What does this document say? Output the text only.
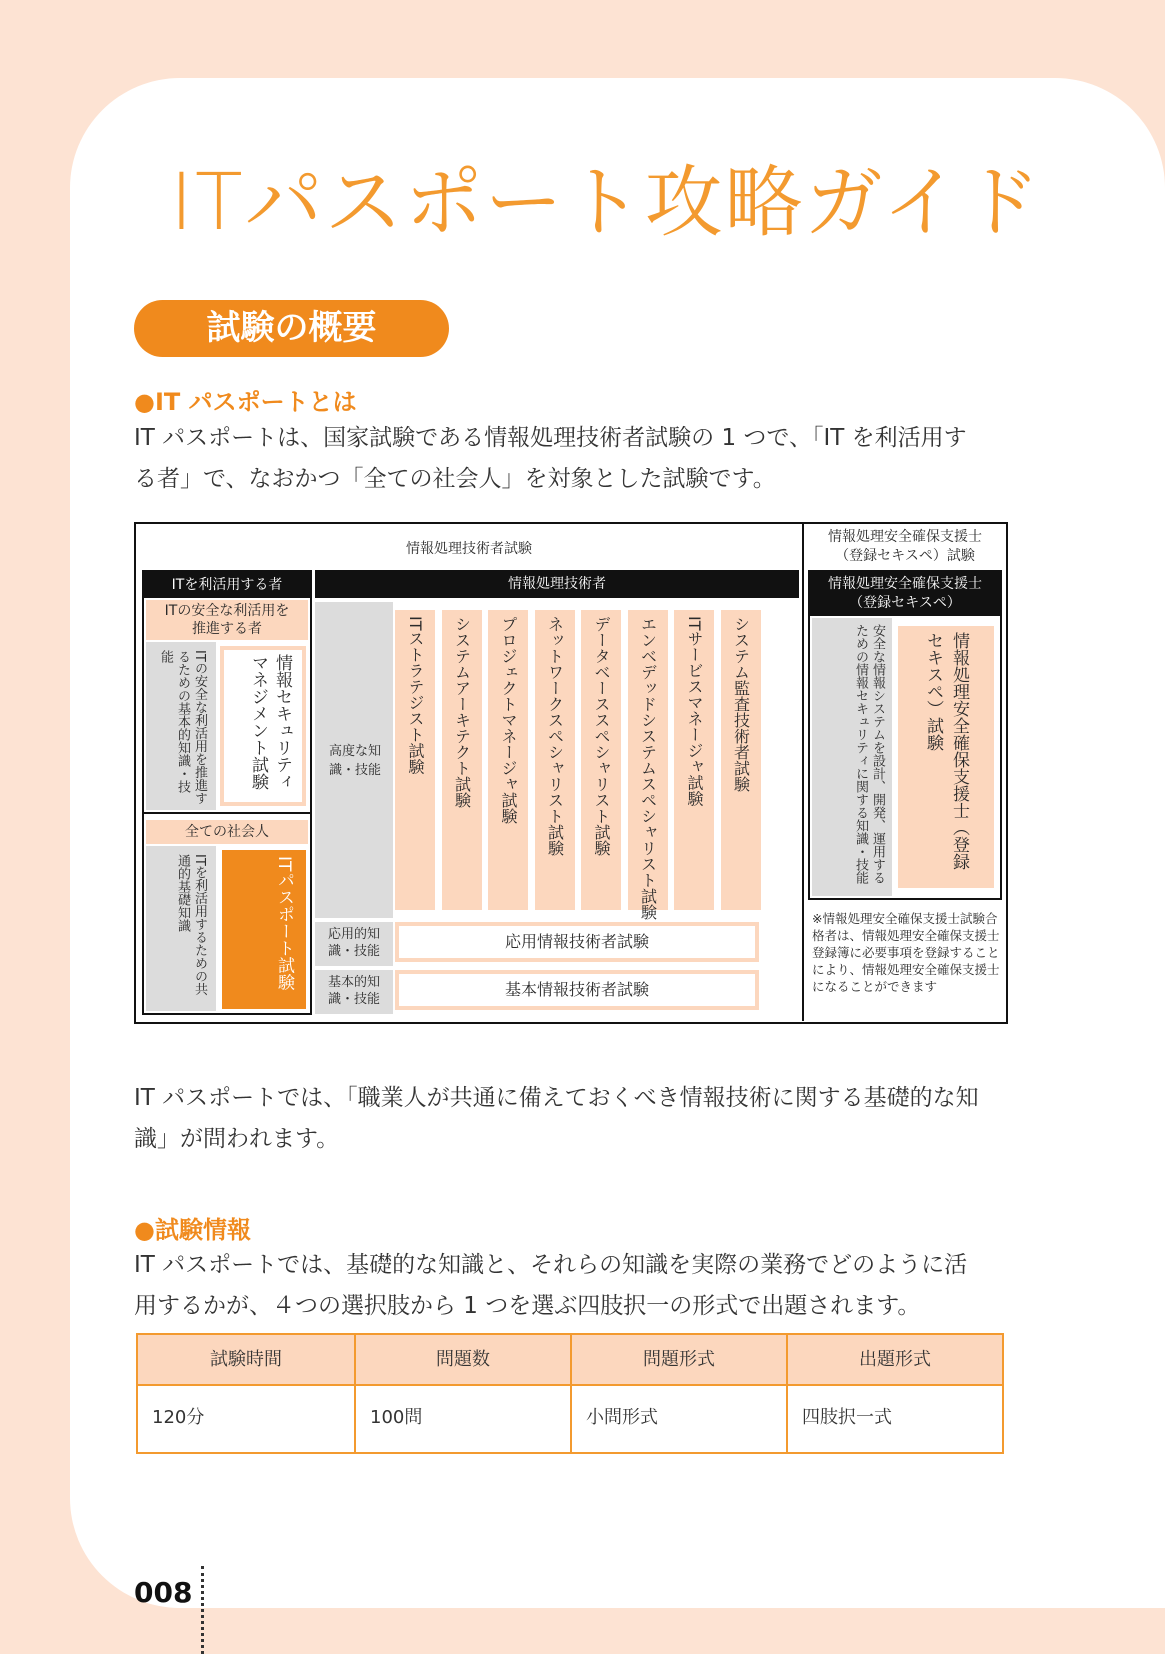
ITパスポート攻略ガイド
試験の概要
●IT パスポートとは
IT パスポートは、国家試験である情報処理技術者試験の 1 つで、「IT を利活用す
る者」で、なおかつ「全ての社会人」を対象とした試験です。
情報処理技術者試験
情報処理安全確保支援士
（登録セキスペ）試験
ITを利活用する者
ITの安全な利活用を
推進する者
ITの安全な利活用を推進するための基本的知識・技能	情報セキュリティマネジメント試験
全ての社会人
ITを利活用するための共通的基礎知識	ITパスポート試験
情報処理技術者
高度な知識・技能 ITストラテジスト試験 システムアーキテクト試験 プロジェクトマネージャ試験 ネットワークスペシャリスト試験 データベーススペシャリスト試験 エンベデッドシステムスペシャリスト試験 ITサービスマネージャ試験 システム監査技術者試験
応用的知識・技能
応用情報技術者試験
基本的知識・技能
基本情報技術者試験
情報処理安全確保支援士
（登録セキスペ）
安全な情報システムを設計、開発、運用するための情報セキュリティに関する知識・技能	情報処理安全確保支援士（登録セキスペ）試験
※情報処理安全確保支援士試験合格者は、情報処理安全確保支援士登録簿に必要事項を登録することにより、情報処理安全確保支援士になることができます
IT パスポートでは、「職業人が共通に備えておくべき情報技術に関する基礎的な知
識」が問われます。
●試験情報
IT パスポートでは、基礎的な知識と、それらの知識を実際の業務でどのように活
用するかが、４つの選択肢から 1 つを選ぶ四肢択一の形式で出題されます。
試験時間	問題数	問題形式	出題形式
120分	100問	小問形式	四肢択一式
008
